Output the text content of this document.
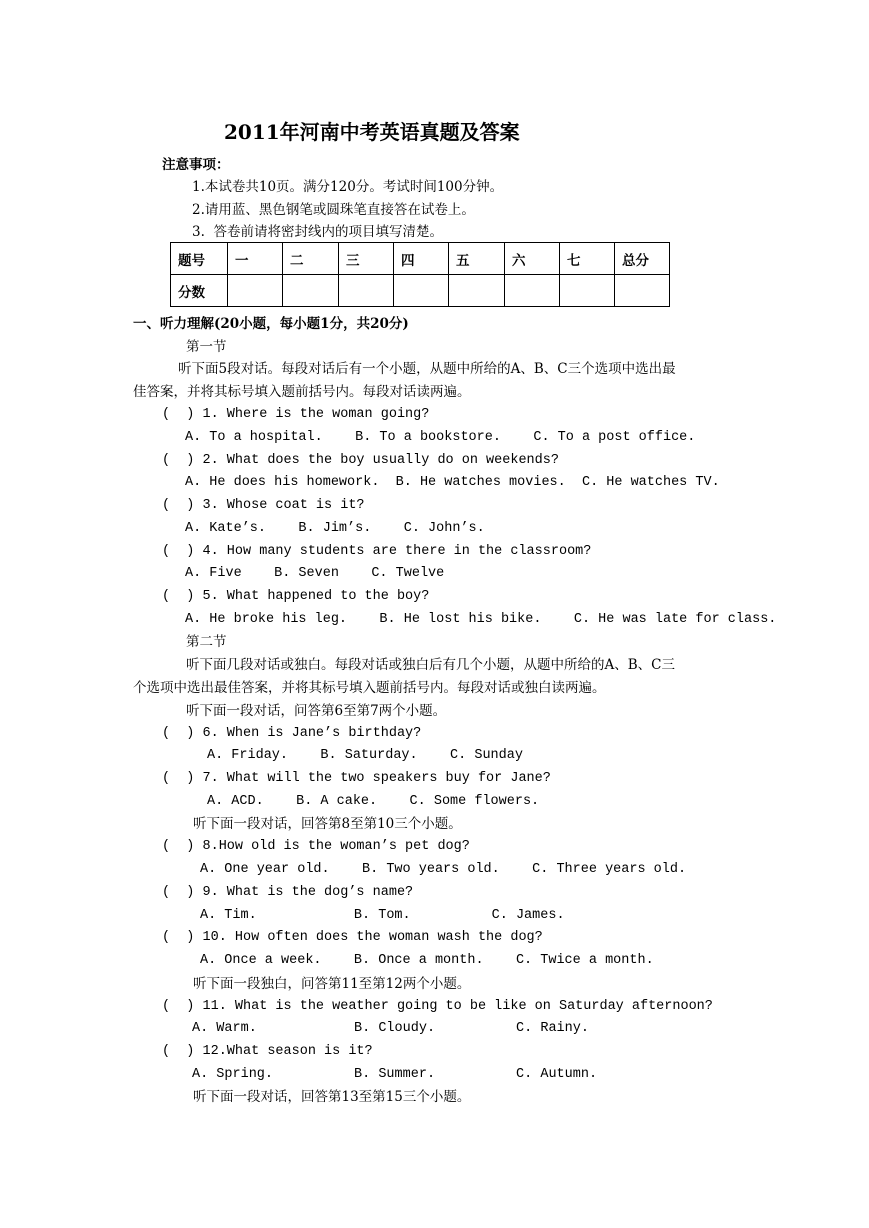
2011年河南中考英语真题及答案
注意事项：
1.本试卷共10页。满分120分。考试时间100分钟。
2.请用蓝、黑色钢笔或圆珠笔直接答在试卷上。
3.  答卷前请将密封线内的项目填写清楚。
题号	一	二	三	四	五	六	七	总分
分数								
一、听力理解(20小题，每小题1分，共20分)
第一节
听下面5段对话。每段对话后有一个小题，从题中所给的A、B、C三个选项中选出最
佳答案，并将其标号填入题前括号内。每段对话读两遍。
(  ) 1. Where is the woman going?
A. To a hospital.    B. To a bookstore.    C. To a post office.
(  ) 2. What does the boy usually do on weekends?
A. He does his homework.  B. He watches movies.  C. He watches TV.
(  ) 3. Whose coat is it?
A. Kate’s.    B. Jim’s.    C. John’s.
(  ) 4. How many students are there in the classroom?
A. Five    B. Seven    C. Twelve
(  ) 5. What happened to the boy?
A. He broke his leg.    B. He lost his bike.    C. He was late for class.
第二节
听下面几段对话或独白。每段对话或独白后有几个小题，从题中所给的A、B、C三
个选项中选出最佳答案，并将其标号填入题前括号内。每段对话或独白读两遍。
听下面一段对话，问答第6至第7两个小题。
(  ) 6. When is Jane’s birthday?
A. Friday.    B. Saturday.    C. Sunday
(  ) 7. What will the two speakers buy for Jane?
A. ACD.    B. A cake.    C. Some flowers.
听下面一段对话，回答第8至第10三个小题。
(  ) 8.How old is the woman’s pet dog?
A. One year old.    B. Two years old.    C. Three years old.
(  ) 9. What is the dog’s name?
A. Tim.            B. Tom.          C. James.
(  ) 10. How often does the woman wash the dog?
A. Once a week.    B. Once a month.    C. Twice a month.
听下面一段独白，问答第11至第12两个小题。
(  ) 11. What is the weather going to be like on Saturday afternoon?
A. Warm.            B. Cloudy.          C. Rainy.
(  ) 12.What season is it?
A. Spring.          B. Summer.          C. Autumn.
听下面一段对话，回答第13至第15三个小题。
